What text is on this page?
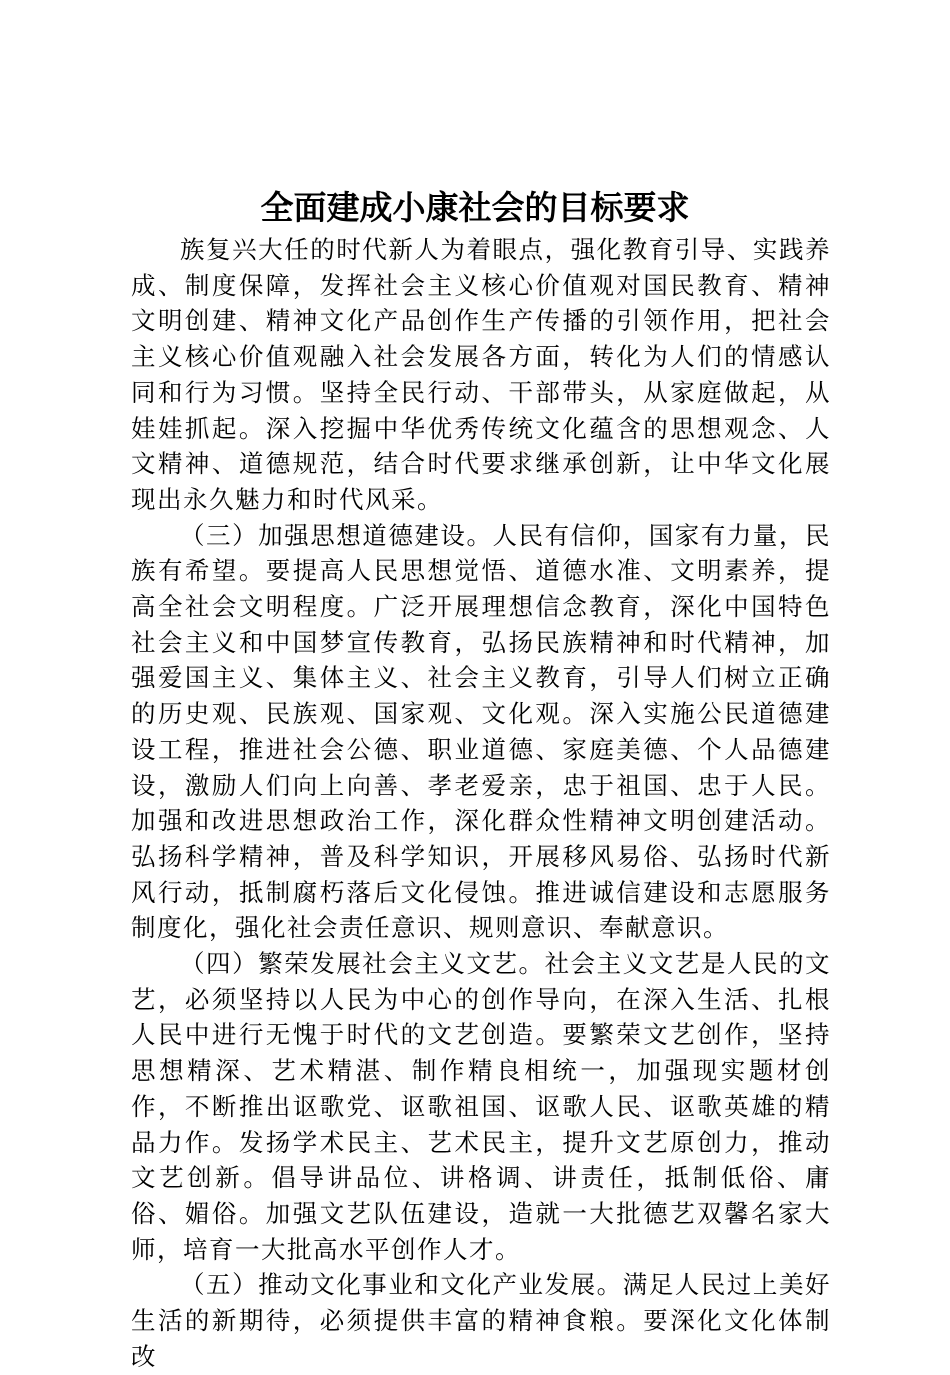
全面建成小康社会的目标要求

族复兴大任的时代新人为着眼点，强化教育引导、实践养成、制度保障，发挥社会主义核心价值观对国民教育、精神文明创建、精神文化产品创作生产传播的引领作用，把社会主义核心价值观融入社会发展各方面，转化为人们的情感认同和行为习惯。坚持全民行动、干部带头，从家庭做起，从娃娃抓起。深入挖掘中华优秀传统文化蕴含的思想观念、人文精神、道德规范，结合时代要求继承创新，让中华文化展现出永久魅力和时代风采。

（三）加强思想道德建设。人民有信仰，国家有力量，民族有希望。要提高人民思想觉悟、道德水准、文明素养，提高全社会文明程度。广泛开展理想信念教育，深化中国特色社会主义和中国梦宣传教育，弘扬民族精神和时代精神，加强爱国主义、集体主义、社会主义教育，引导人们树立正确的历史观、民族观、国家观、文化观。深入实施公民道德建设工程，推进社会公德、职业道德、家庭美德、个人品德建设，激励人们向上向善、孝老爱亲，忠于祖国、忠于人民。加强和改进思想政治工作，深化群众性精神文明创建活动。弘扬科学精神，普及科学知识，开展移风易俗、弘扬时代新风行动，抵制腐朽落后文化侵蚀。推进诚信建设和志愿服务制度化，强化社会责任意识、规则意识、奉献意识。

（四）繁荣发展社会主义文艺。社会主义文艺是人民的文艺，必须坚持以人民为中心的创作导向，在深入生活、扎根人民中进行无愧于时代的文艺创造。要繁荣文艺创作，坚持思想精深、艺术精湛、制作精良相统一，加强现实题材创作，不断推出讴歌党、讴歌祖国、讴歌人民、讴歌英雄的精品力作。发扬学术民主、艺术民主，提升文艺原创力，推动文艺创新。倡导讲品位、讲格调、讲责任，抵制低俗、庸俗、媚俗。加强文艺队伍建设，造就一大批德艺双馨名家大师，培育一大批高水平创作人才。

（五）推动文化事业和文化产业发展。满足人民过上美好生活的新期待，必须提供丰富的精神食粮。要深化文化体制改
